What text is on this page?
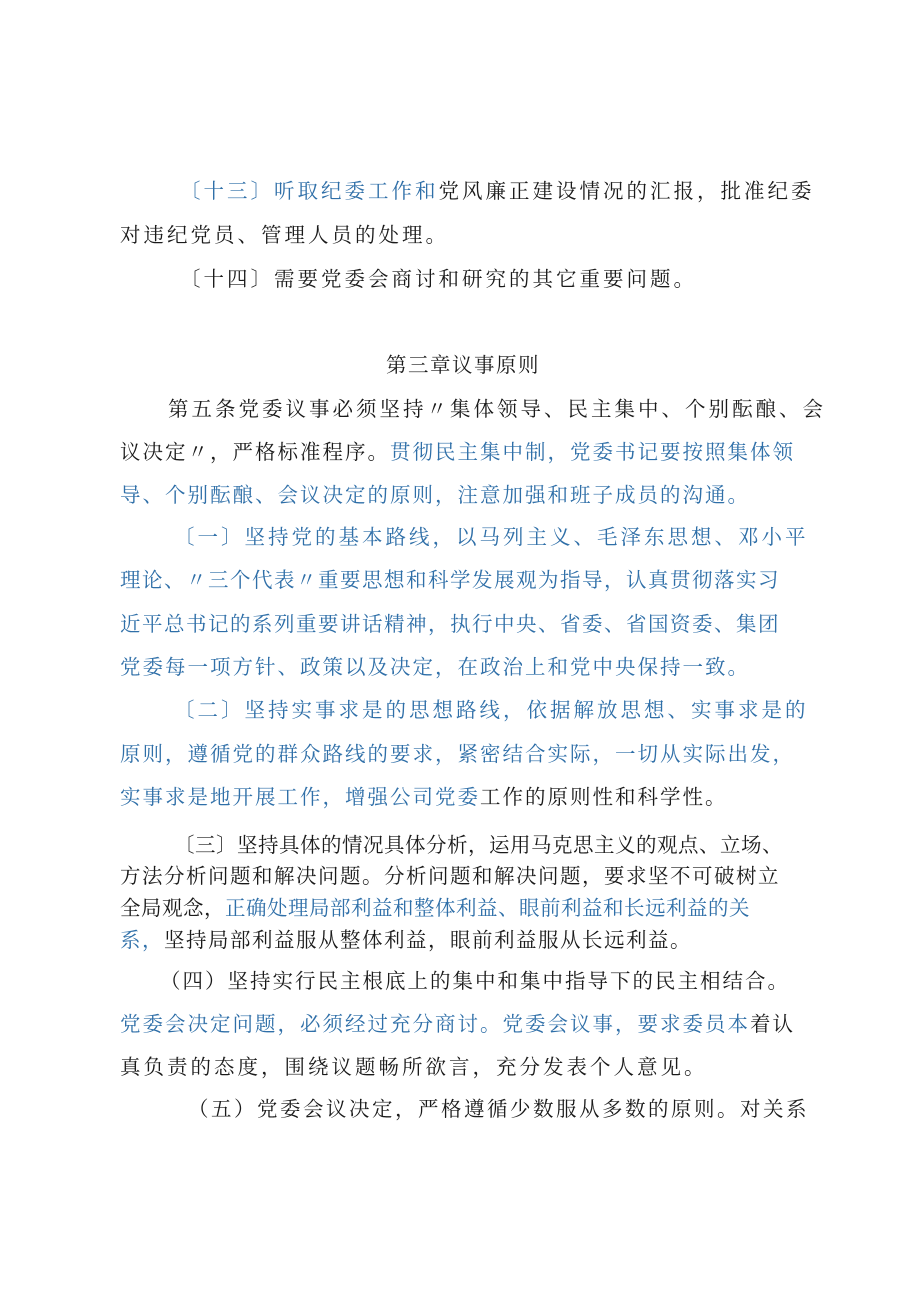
〔十三〕听取纪委工作和党风廉正建设情况的汇报，批准纪委
对违纪党员、管理人员的处理。
〔十四〕需要党委会商讨和研究的其它重要问题。
第三章议事原则
第五条党委议事必须坚持〃集体领导、民主集中、个别酝酿、会
议决定〃，严格标准程序。贯彻民主集中制，党委书记要按照集体领
导、个别酝酿、会议决定的原则，注意加强和班子成员的沟通。
〔一〕坚持党的基本路线，以马列主义、毛泽东思想、邓小平
理论、〃三个代表〃重要思想和科学发展观为指导，认真贯彻落实习
近平总书记的系列重要讲话精神，执行中央、省委、省国资委、集团
党委每一项方针、政策以及决定，在政治上和党中央保持一致。
〔二〕坚持实事求是的思想路线，依据解放思想、实事求是的
原则，遵循党的群众路线的要求，紧密结合实际，一切从实际出发，
实事求是地开展工作，增强公司党委工作的原则性和科学性。
〔三〕坚持具体的情况具体分析，运用马克思主义的观点、立场、
方法分析问题和解决问题。分析问题和解决问题，要求坚不可破树立
全局观念，正确处理局部利益和整体利益、眼前利益和长远利益的关
系，坚持局部利益服从整体利益，眼前利益服从长远利益。
（四）坚持实行民主根底上的集中和集中指导下的民主相结合。
党委会决定问题，必须经过充分商讨。党委会议事，要求委员本着认
真负责的态度，围绕议题畅所欲言，充分发表个人意见。
（五）党委会议决定，严格遵循少数服从多数的原则。对关系
